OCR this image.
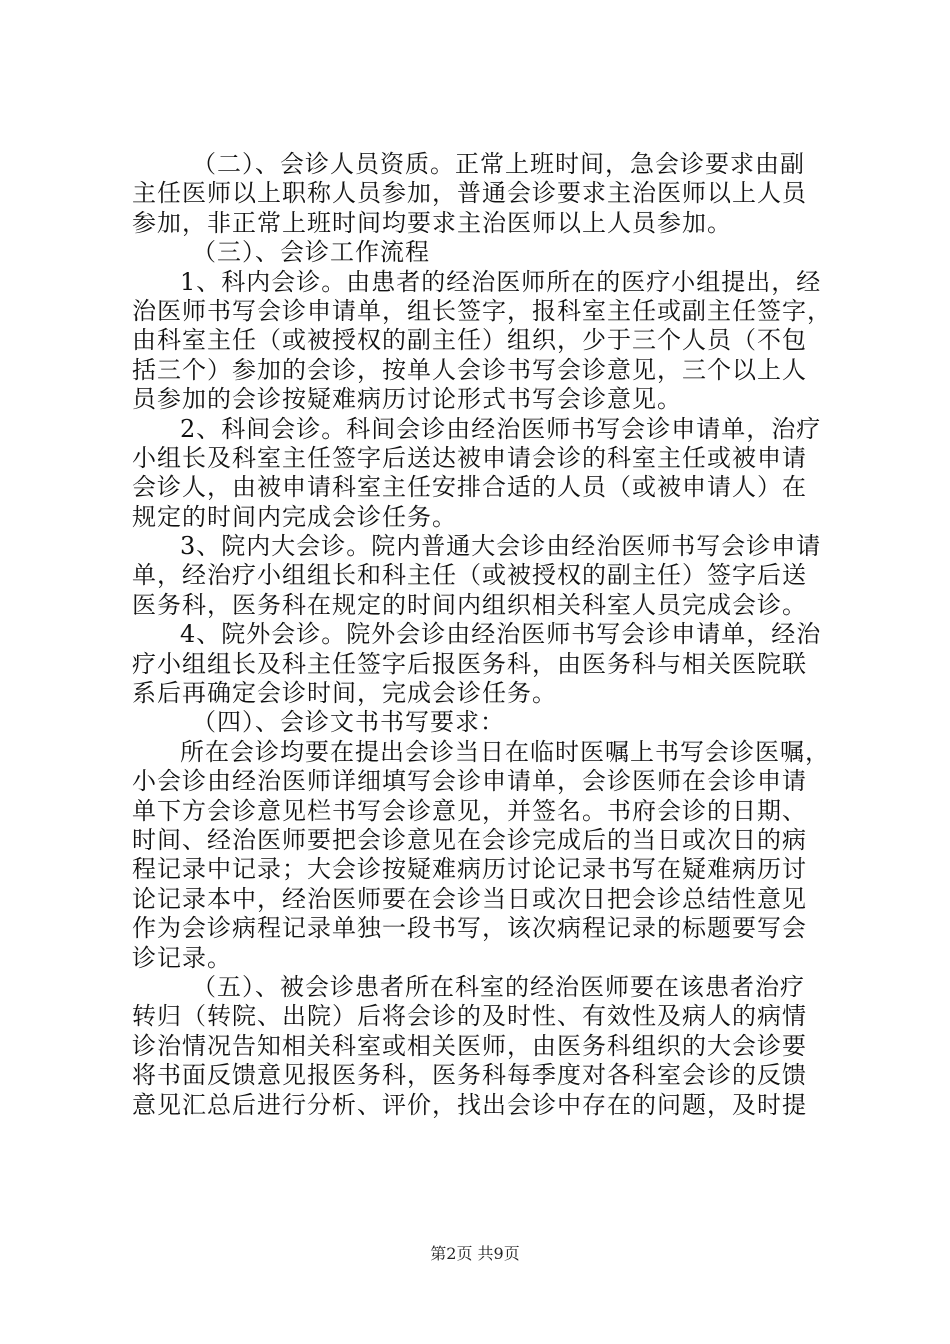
（二）、会诊人员资质。正常上班时间，急会诊要求由副
主任医师以上职称人员参加，普通会诊要求主治医师以上人员
参加，非正常上班时间均要求主治医师以上人员参加。
（三）、会诊工作流程
1、科内会诊。由患者的经治医师所在的医疗小组提出，经
治医师书写会诊申请单，组长签字，报科室主任或副主任签字，
由科室主任（或被授权的副主任）组织，少于三个人员（不包
括三个）参加的会诊，按单人会诊书写会诊意见，三个以上人
员参加的会诊按疑难病历讨论形式书写会诊意见。
2、科间会诊。科间会诊由经治医师书写会诊申请单，治疗
小组长及科室主任签字后送达被申请会诊的科室主任或被申请
会诊人，由被申请科室主任安排合适的人员（或被申请人）在
规定的时间内完成会诊任务。
3、院内大会诊。院内普通大会诊由经治医师书写会诊申请
单，经治疗小组组长和科主任（或被授权的副主任）签字后送
医务科，医务科在规定的时间内组织相关科室人员完成会诊。
4、院外会诊。院外会诊由经治医师书写会诊申请单，经治
疗小组组长及科主任签字后报医务科，由医务科与相关医院联
系后再确定会诊时间，完成会诊任务。
（四）、会诊文书书写要求：
所在会诊均要在提出会诊当日在临时医嘱上书写会诊医嘱，
小会诊由经治医师详细填写会诊申请单，会诊医师在会诊申请
单下方会诊意见栏书写会诊意见，并签名。书府会诊的日期、
时间、经治医师要把会诊意见在会诊完成后的当日或次日的病
程记录中记录；大会诊按疑难病历讨论记录书写在疑难病历讨
论记录本中，经治医师要在会诊当日或次日把会诊总结性意见
作为会诊病程记录单独一段书写，该次病程记录的标题要写会
诊记录。
（五）、被会诊患者所在科室的经治医师要在该患者治疗
转归（转院、出院）后将会诊的及时性、有效性及病人的病情
诊治情况告知相关科室或相关医师，由医务科组织的大会诊要
将书面反馈意见报医务科，医务科每季度对各科室会诊的反馈
意见汇总后进行分析、评价，找出会诊中存在的问题，及时提
第2页 共9页
